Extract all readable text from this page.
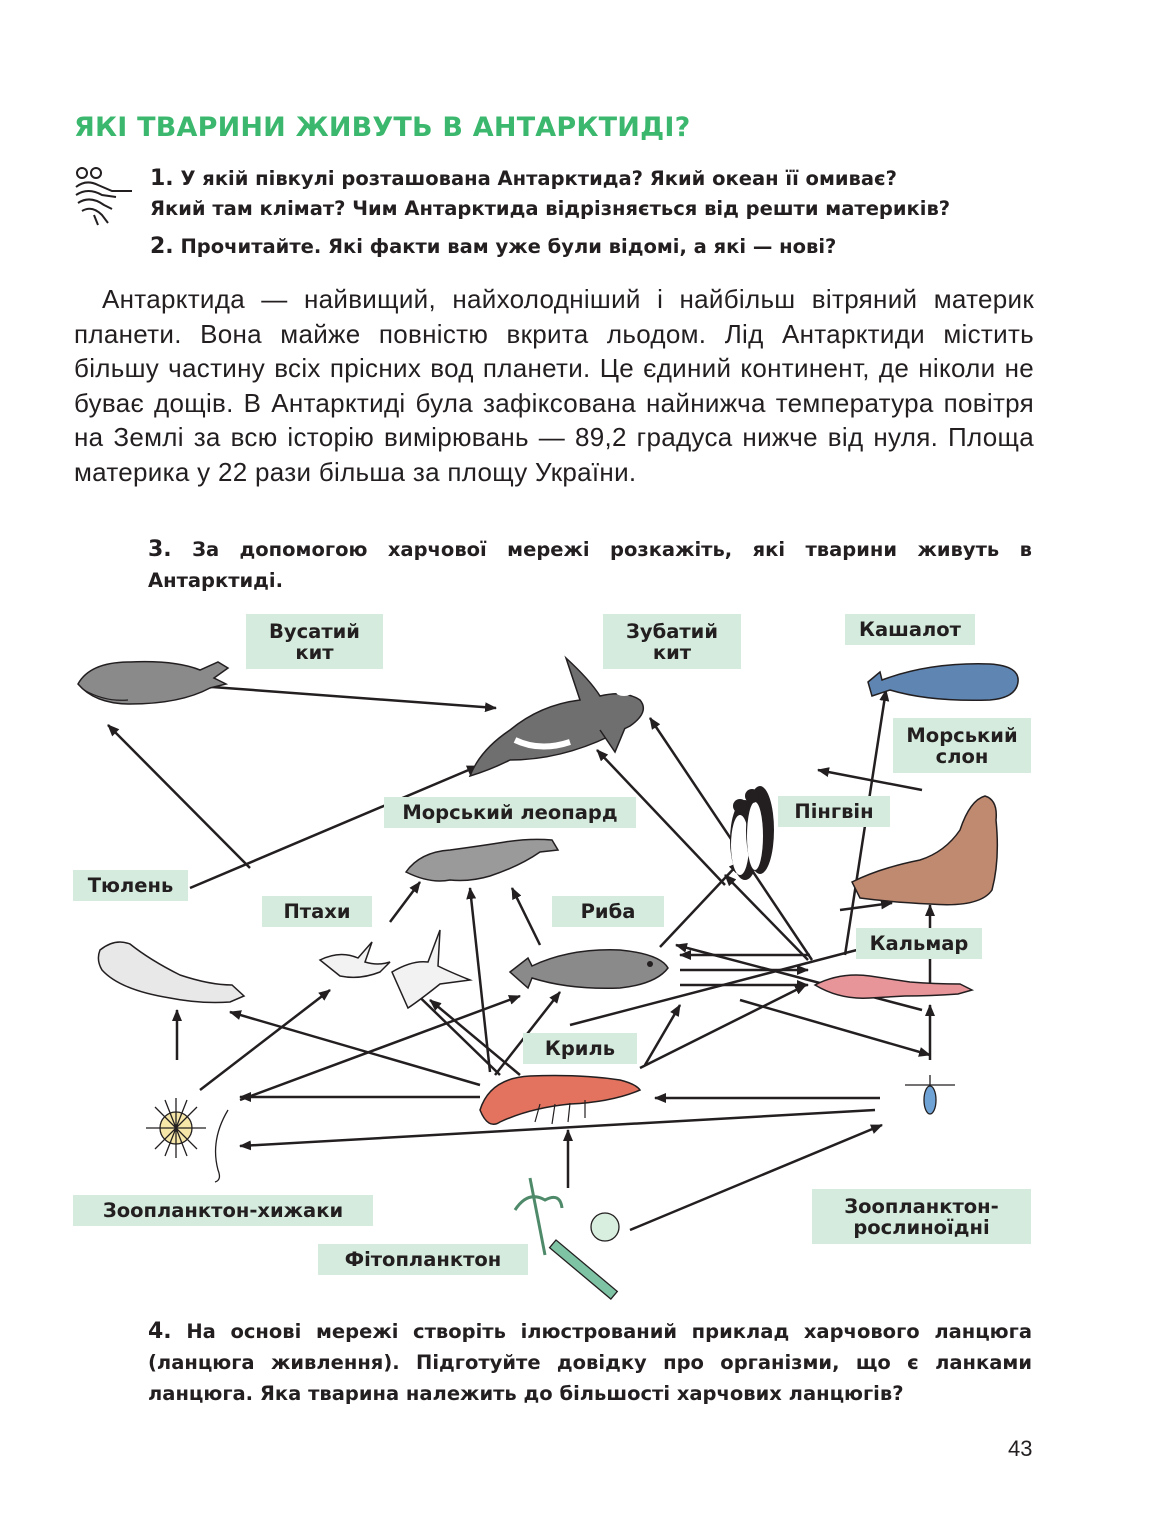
ЯКІ ТВАРИНИ ЖИВУТЬ В АНТАРКТИДІ?
1. У якій півкулі розташована Антарктида? Який океан її омиває?
Який там клімат? Чим Антарктида відрізняється від решти материків?
2. Прочитайте. Які факти вам уже були відомі, а які — нові?
Антарктида — найвищий, найхолодніший і найбільш вітряний материк планети. Вона майже повністю вкрита льодом. Лід Антарктиди містить більшу частину всіх прісних вод планети. Це єдиний континент, де ніколи не буває дощів. В Антарктиді була зафіксована найнижча температура повітря на Землі за всю історію вимірювань — 89,2 градуса нижче від нуля. Площа материка у 22 рази більша за площу України.
3. За допомогою харчової мережі розкажіть, які тварини живуть в Антарктиді.
Вусатий
кит
Зубатий
кит
Кашалот
Морський
слон
Морський леопард	Пінгвін
Тюлень
Птахи	Риба
Кальмар
Криль
Зоопланктон-хижаки	Зоопланктон-
рослиноїдні
Фітопланктон
4. На основі мережі створіть ілюстрований приклад харчового ланцюга (ланцюга живлення). Підготуйте довідку про організми, що є ланками ланцюга. Яка тварина належить до більшості харчових ланцюгів?
43
